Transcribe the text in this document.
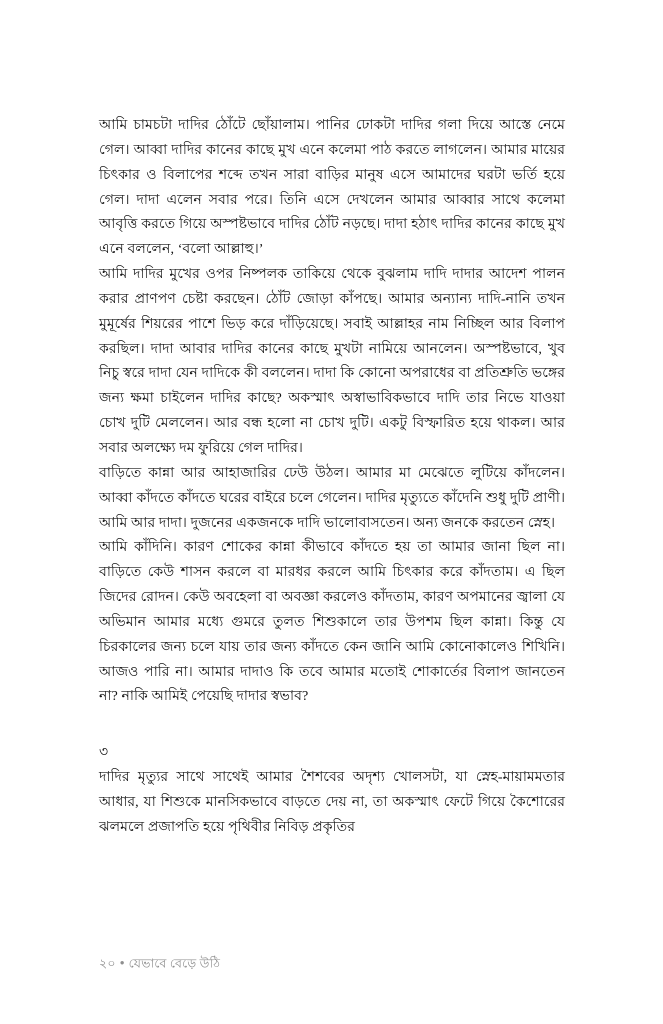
আমি চামচটা দাদির ঠোঁটে ছোঁয়ালাম। পানির ঢোকটা দাদির গলা দিয়ে আস্তে নেমে গেল। আব্বা দাদির কানের কাছে মুখ এনে কলেমা পাঠ করতে লাগলেন। আমার মায়ের চিৎকার ও বিলাপের শব্দে তখন সারা বাড়ির মানুষ এসে আমাদের ঘরটা ভর্তি হয়ে গেল। দাদা এলেন সবার পরে। তিনি এসে দেখলেন আমার আব্বার সাথে কলেমা আবৃত্তি করতে গিয়ে অস্পষ্টভাবে দাদির ঠোঁট নড়ছে। দাদা হঠাৎ দাদির কানের কাছে মুখ এনে বললেন, ‘বলো আল্লাহু।’

আমি দাদির মুখের ওপর নিষ্পলক তাকিয়ে থেকে বুঝলাম দাদি দাদার আদেশ পালন করার প্রাণপণ চেষ্টা করছেন। ঠোঁট জোড়া কাঁপছে। আমার অন্যান্য দাদি-নানি তখন মুমূর্ষের শিয়রের পাশে ভিড় করে দাঁড়িয়েছে। সবাই আল্লাহর নাম নিচ্ছিল আর বিলাপ করছিল। দাদা আবার দাদির কানের কাছে মুখটা নামিয়ে আনলেন। অস্পষ্টভাবে, খুব নিচু স্বরে দাদা যেন দাদিকে কী বললেন। দাদা কি কোনো অপরাধের বা প্রতিশ্রুতি ভঙ্গের জন্য ক্ষমা চাইলেন দাদির কাছে? অকস্মাৎ অস্বাভাবিকভাবে দাদি তার নিভে যাওয়া চোখ দুটি মেললেন। আর বন্ধ হলো না চোখ দুটি। একটু বিস্ফারিত হয়ে থাকল। আর সবার অলক্ষ্যে দম ফুরিয়ে গেল দাদির।

বাড়িতে কান্না আর আহাজারির ঢেউ উঠল। আমার মা মেঝেতে লুটিয়ে কাঁদলেন। আব্বা কাঁদতে কাঁদতে ঘরের বাইরে চলে গেলেন। দাদির মৃত্যুতে কাঁদেনি শুধু দুটি প্রাণী। আমি আর দাদা। দুজনের একজনকে দাদি ভালোবাসতেন। অন্য জনকে করতেন স্নেহ।

আমি কাঁদিনি। কারণ শোকের কান্না কীভাবে কাঁদতে হয় তা আমার জানা ছিল না। বাড়িতে কেউ শাসন করলে বা মারধর করলে আমি চিৎকার করে কাঁদতাম। এ ছিল জিদের রোদন। কেউ অবহেলা বা অবজ্ঞা করলেও কাঁদতাম, কারণ অপমানের জ্বালা যে অভিমান আমার মধ্যে গুমরে তুলত শিশুকালে তার উপশম ছিল কান্না। কিন্তু যে চিরকালের জন্য চলে যায় তার জন্য কাঁদতে কেন জানি আমি কোনোকালেও শিখিনি। আজও পারি না। আমার দাদাও কি তবে আমার মতোই শোকার্তের বিলাপ জানতেন না? নাকি আমিই পেয়েছি দাদার স্বভাব?

৩

দাদির মৃত্যুর সাথে সাথেই আমার শৈশবের অদৃশ্য খোলসটা, যা স্নেহ-মায়ামমতার আধার, যা শিশুকে মানসিকভাবে বাড়তে দেয় না, তা অকস্মাৎ ফেটে গিয়ে কৈশোরের ঝলমলে প্রজাপতি হয়ে পৃথিবীর নিবিড় প্রকৃতির

২০ ● যেভাবে বেড়ে উঠি
